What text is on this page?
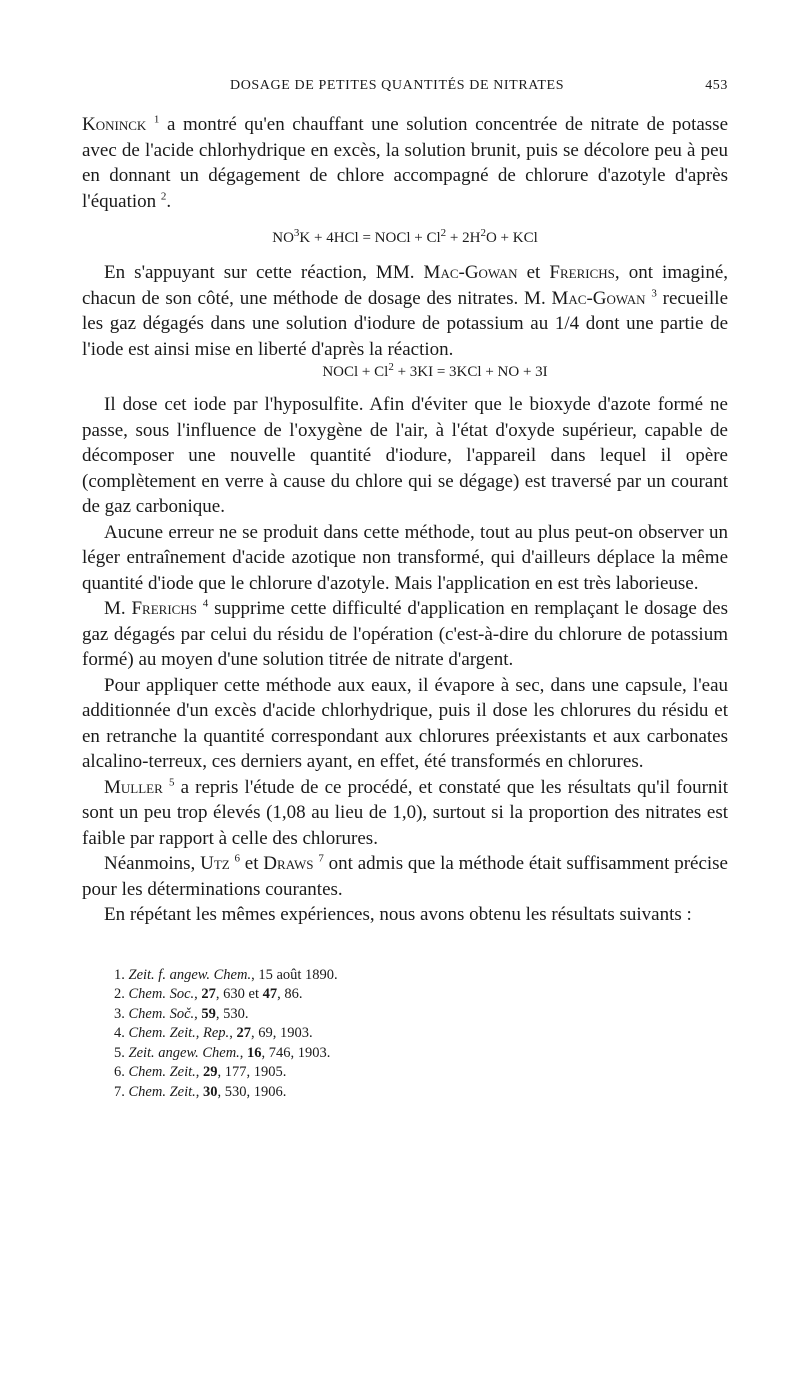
DOSAGE DE PETITES QUANTITÉS DE NITRATES	453

Koninck $^1$ a montré qu'en chauffant une solution concentrée de nitrate de potasse avec de l'acide chlorhydrique en excès, la solution brunit, puis se décolore peu à peu en donnant un dégagement de chlore accompagné de chlorure d'azotyle d'après l'équation $^2$.

$NO^3K + 4HCl$ = NOCl + $Cl^2 + 2H^2O$ + KCl

En s'appuyant sur cette réaction, MM. Mac-Gowan et Frerichs, ont imaginé, chacun de son côté, une méthode de dosage des nitrates. M. Mac-Gowan $^3$ recueille les gaz dégagés dans une solution d'iodure de potassium au 1/4 dont une partie de l'iode est ainsi mise en liberté d'après la réaction.

NOCl + $Cl^2 + 3KI = 3KCl$ + NO + 3I

Il dose cet iode par l'hyposulfite. Afin d'éviter que le bioxyde d'azote formé ne passe, sous l'influence de l'oxygène de l'air, à l'état d'oxyde supérieur, capable de décomposer une nouvelle quantité d'iodure, l'appareil dans lequel il opère (complètement en verre à cause du chlore qui se dégage) est traversé par un courant de gaz carbonique.

Aucune erreur ne se produit dans cette méthode, tout au plus peut-on observer un léger entraînement d'acide azotique non transformé, qui d'ailleurs déplace la même quantité d'iode que le chlorure d'azotyle. Mais l'application en est très laborieuse.

M. Frerichs $^4$ supprime cette difficulté d'application en remplaçant le dosage des gaz dégagés par celui du résidu de l'opération (c'est-à-dire du chlorure de potassium formé) au moyen d'une solution titrée de nitrate d'argent.

Pour appliquer cette méthode aux eaux, il évapore à sec, dans une capsule, l'eau additionnée d'un excès d'acide chlorhydrique, puis il dose les chlorures du résidu et en retranche la quantité correspondant aux chlorures préexistants et aux carbonates alcalino-terreux, ces derniers ayant, en effet, été transformés en chlorures.

Muller $^5$ a repris l'étude de ce procédé, et constaté que les résultats qu'il fournit sont un peu trop élevés (1,08 au lieu de 1,0), surtout si la proportion des nitrates est faible par rapport à celle des chlorures.

Néanmoins, Utz $^6$ et Draws $^7$ ont admis que la méthode était suffisamment précise pour les déterminations courantes.

En répétant les mêmes expériences, nous avons obtenu les résultats suivants :

1. Zeit. f. angew. Chem., 15 août 1890.
2. Chem. Soc., 27, 630 et 47, 86.
3. Chem. Soč., 59, 530.
4. Chem. Zeit., Rep., 27, 69, 1903.
5. Zeit. angew. Chem., 16, 746, 1903.
6. Chem. Zeit., 29, 177, 1905.
7. Chem. Zeit., 30, 530, 1906.
